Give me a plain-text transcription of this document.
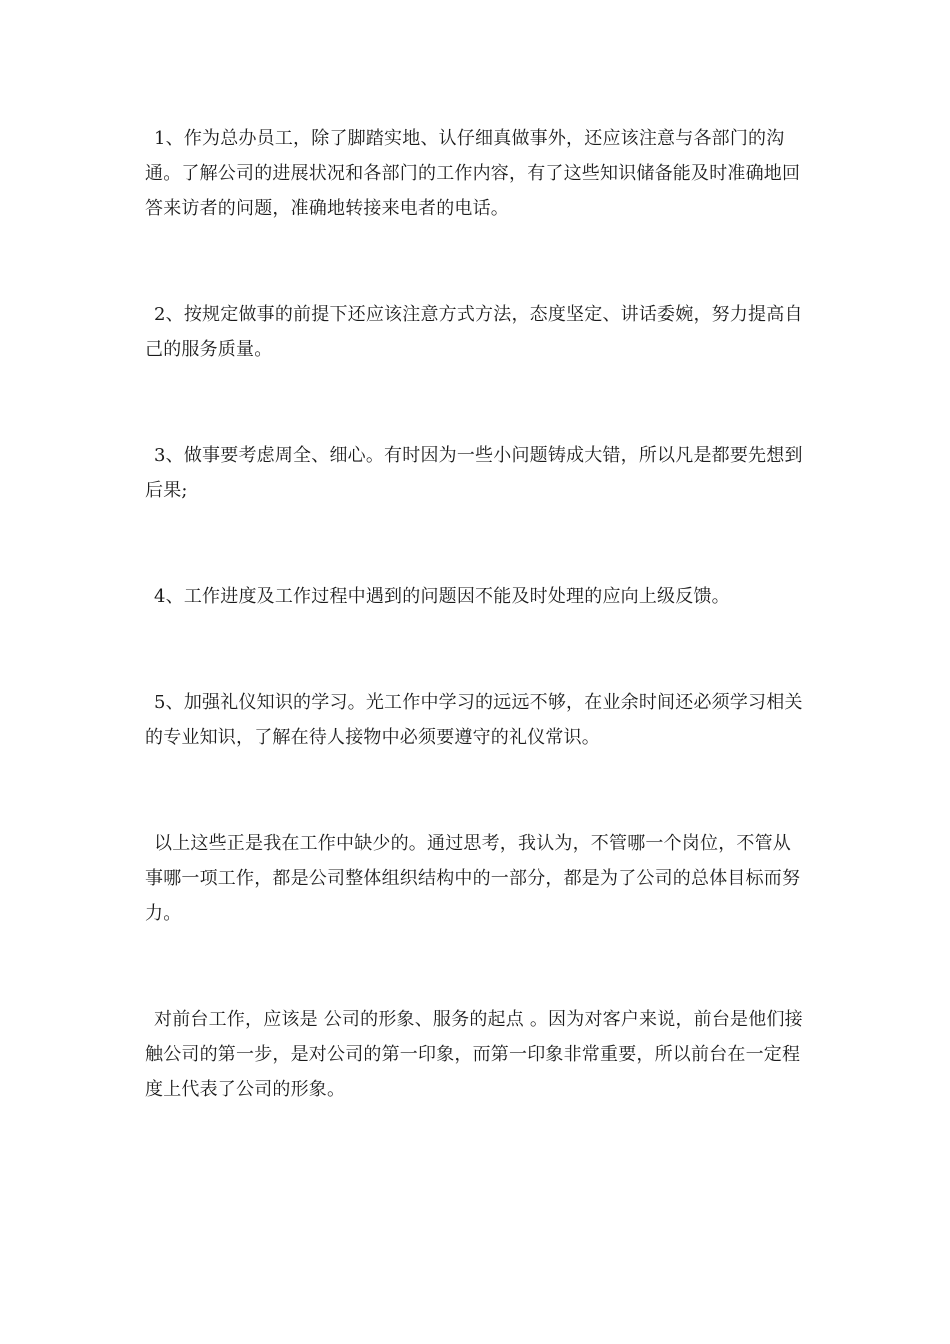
1、作为总办员工，除了脚踏实地、认仔细真做事外，还应该注意与各部门的沟通。了解公司的进展状况和各部门的工作内容，有了这些知识储备能及时准确地回答来访者的问题，准确地转接来电者的电话。

2、按规定做事的前提下还应该注意方式方法，态度坚定、讲话委婉，努力提高自己的服务质量。

3、做事要考虑周全、细心。有时因为一些小问题铸成大错，所以凡是都要先想到后果;

4、工作进度及工作过程中遇到的问题因不能及时处理的应向上级反馈。

5、加强礼仪知识的学习。光工作中学习的远远不够，在业余时间还必须学习相关的专业知识，了解在待人接物中必须要遵守的礼仪常识。

以上这些正是我在工作中缺少的。通过思考，我认为，不管哪一个岗位，不管从事哪一项工作，都是公司整体组织结构中的一部分，都是为了公司的总体目标而努力。

对前台工作，应该是 公司的形象、服务的起点 。因为对客户来说，前台是他们接触公司的第一步，是对公司的第一印象，而第一印象非常重要，所以前台在一定程度上代表了公司的形象。
